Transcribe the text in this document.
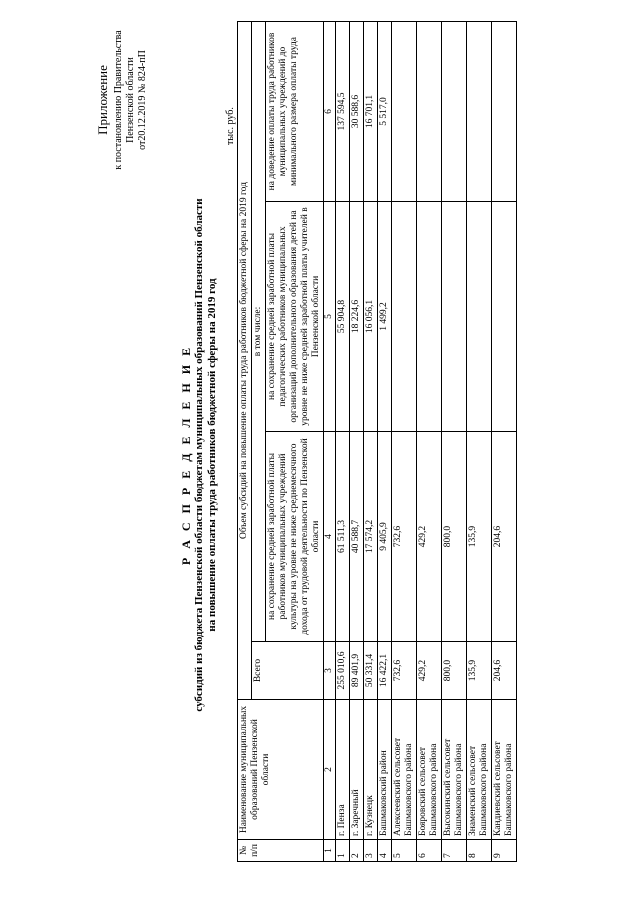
Приложение к постановлению Правительства Пензенской области от20.12.2019 № 824-пП
Р А С П Р Е Д Е Л Е Н И Е субсидий из бюджета Пензенской области бюджетам муниципальных образований Пензенской области на повышение оплаты труда работников бюджетной сферы на 2019 год
тыс. руб.
№ п/п	Наименование муниципальных образований Пензенской области	Объем субсидий на повышение оплаты труда работников бюджетной сферы на 2019 год			
		Всего	в том числе:		
			на сохранение средней заработной платы работников муниципальных учреждений культуры на уровне не ниже среднемесячного дохода от трудовой деятельности по Пензенской области	на сохранение средней заработной платы педагогических работников муниципальных организаций дополнительного образования детей на уровне не ниже средней заработной платы учителей в Пензенской области	на доведение оплаты труда работников муниципальных учреждений до минимального размера оплаты труда
1	2	3	4	5	6
1	г. Пенза	255 010,6	61 511,3	55 904,8	137 594,5
2	г. Заречный	89 401,9	40 588,7	18 224,6	30 588,6
3	г. Кузнецк	50 331,4	17 574,2	16 056,1	16 701,1
4	Башмаковский район	16 422,1	9 405,9	1 499,2	5 517,0
5	Алексеевский сельсовет Башмаковского района	732,6	732,6		
6	Бояровский сельсовет Башмаковского района	429,2	429,2		
7	Высокинский сельсовет Башмаковского района	800,0	800,0		
8	Знаменский сельсовет Башмаковского района	135,9	135,9		
9	Кандиевский сельсовет Башмаковского района	204,6	204,6		
